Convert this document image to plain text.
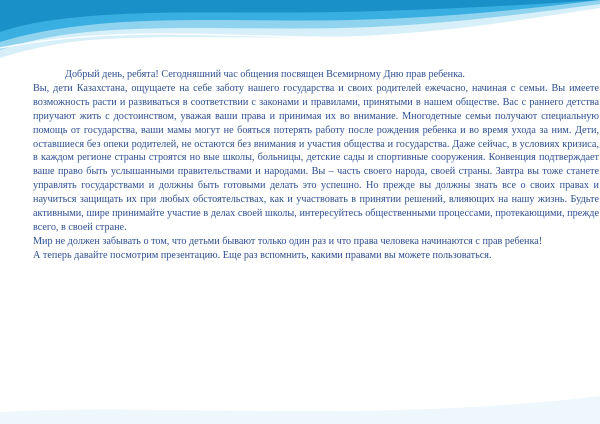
Добрый день, ребята! Сегодняшний час общения посвящен Всемирному Дню прав ребенка.

Вы, дети Казахстана, ощущаете на себе заботу нашего государства и своих родителей ежечасно, начиная с семьи. Вы имеете возможность расти и развиваться в соответствии с законами и правилами, принятыми в нашем обществе. Вас с раннего детства приучают жить с достоинством, уважая ваши права и принимая их во внимание. Многодетные семьи получают специальную помощь от государства, ваши мамы могут не бояться потерять работу после рождения ребенка и во время ухода за ним. Дети, оставшиеся без опеки родителей, не остаются без внимания и участия общества и государства. Даже сейчас, в условиях кризиса, в каждом регионе страны строятся но вые школы, больницы, детские сады и спортивные сооружения. Конвенция подтверждает ваше право быть услышанными правительствами и народами. Вы – часть своего народа, своей страны. Завтра вы тоже станете управлять государствами и должны быть готовыми делать это успешно. Но прежде вы должны знать все о своих правах и научиться защищать их при любых обстоятельствах, как и участвовать в принятии решений, влияющих на нашу жизнь. Будьте активными, шире принимайте участие в делах своей школы, интересуйтесь общественными процессами, протекающими, прежде всего, в своей стране.

Мир не должен забывать о том, что детьми бывают только один раз и что права человека начинаются с прав ребенка!

А теперь давайте посмотрим презентацию. Еще раз вспомнить, какими правами вы можете пользоваться.
